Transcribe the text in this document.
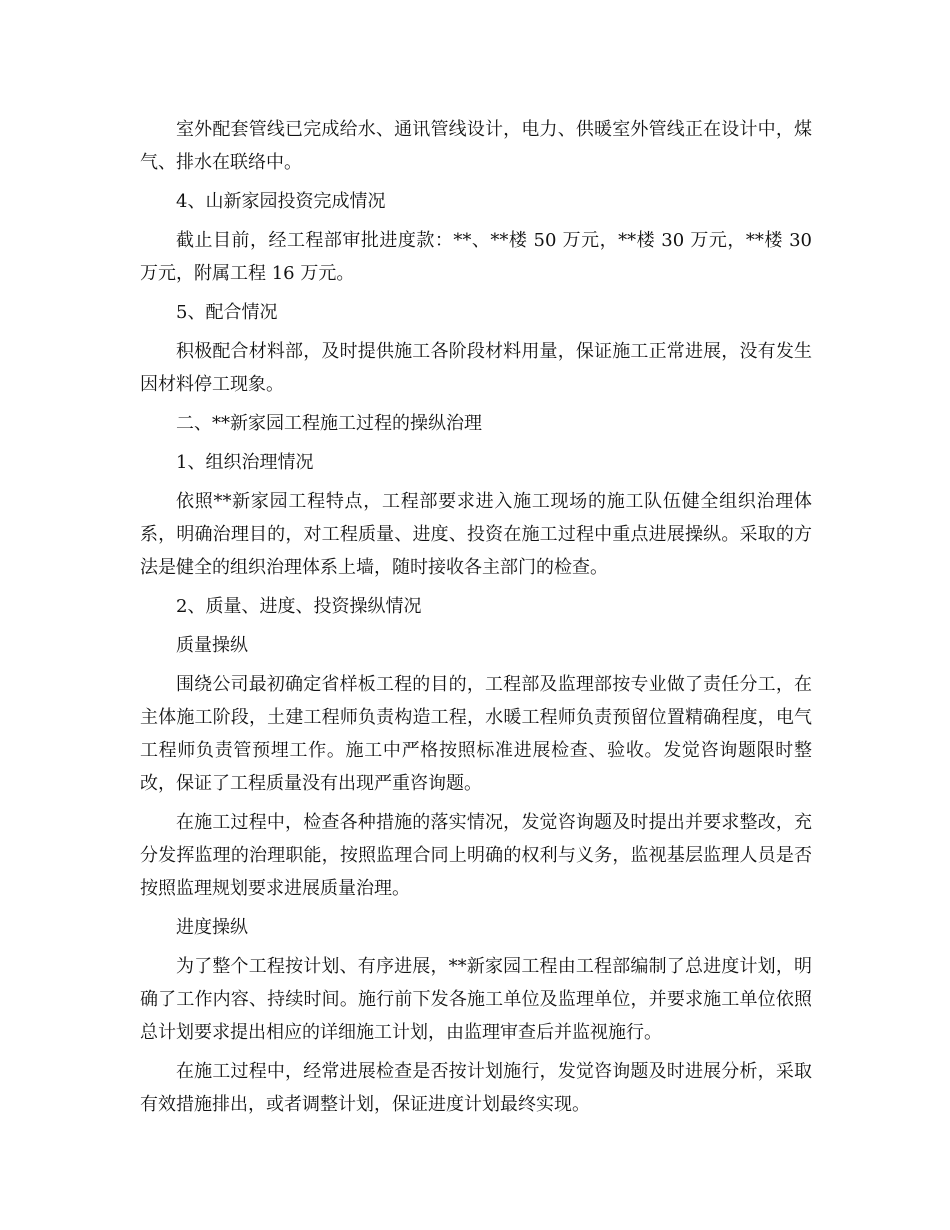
室外配套管线已完成给水、通讯管线设计，电力、供暖室外管线正在设计中，煤气、排水在联络中。

4、山新家园投资完成情况

截止目前，经工程部审批进度款：**、**楼 50 万元，**楼 30 万元，**楼 30 万元，附属工程 16 万元。

5、配合情况

积极配合材料部，及时提供施工各阶段材料用量，保证施工正常进展，没有发生因材料停工现象。

二、**新家园工程施工过程的操纵治理

1、组织治理情况

依照**新家园工程特点，工程部要求进入施工现场的施工队伍健全组织治理体系，明确治理目的，对工程质量、进度、投资在施工过程中重点进展操纵。采取的方法是健全的组织治理体系上墙，随时接收各主部门的检查。

2、质量、进度、投资操纵情况

质量操纵

围绕公司最初确定省样板工程的目的，工程部及监理部按专业做了责任分工，在主体施工阶段，土建工程师负责构造工程，水暖工程师负责预留位置精确程度，电气工程师负责管预埋工作。施工中严格按照标准进展检查、验收。发觉咨询题限时整改，保证了工程质量没有出现严重咨询题。

在施工过程中，检查各种措施的落实情况，发觉咨询题及时提出并要求整改，充分发挥监理的治理职能，按照监理合同上明确的权利与义务，监视基层监理人员是否按照监理规划要求进展质量治理。

进度操纵

为了整个工程按计划、有序进展，**新家园工程由工程部编制了总进度计划，明确了工作内容、持续时间。施行前下发各施工单位及监理单位，并要求施工单位依照总计划要求提出相应的详细施工计划，由监理审查后并监视施行。

在施工过程中，经常进展检查是否按计划施行，发觉咨询题及时进展分析，采取有效措施排出，或者调整计划，保证进度计划最终实现。
